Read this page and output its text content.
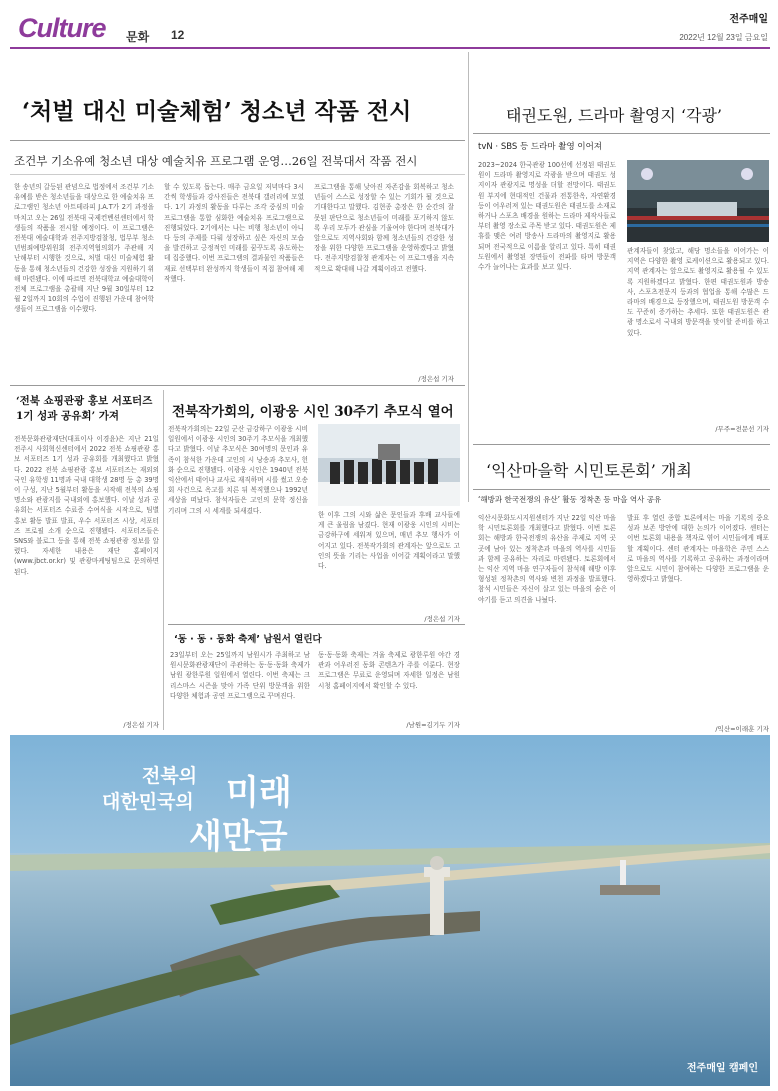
Culture 문화 12
전주매일
2022년 12월 23일 금요일
‘처벌 대신 미술체험’ 청소년 작품 전시
조건부 기소유예 청소년 대상 예술치유 프로그램 운영…26일 전북대서 작품 전시
한 송년의 갈등된 관념으로 법정에서 조건부 기소유예를 받은 청소년들을 대상으로 한 예술치유 프로그램인 청소년 아트테라피 J.A.T가 2기 과정을 마치고 오는 26일 전북대 국제컨벤션센터에서 학생들의 작품을 전시할 예정이다. 이 프로그램은 전북대 예술대학과 전주지방검찰청, 법무부 청소년범죄예방위원회 전주지역협의회가 주관해 지난해부터 시행한 것으로, 처벌 대신 미술체험 활동을 통해 청소년들의 건강한 성장을 지원하기 위해 마련됐다. 이에 따르면 전북대학교 예술대학이 전체 프로그램을 총괄해 지난 9월 30일부터 12월 2일까지 10회의 수업이 진행된 가운데 참여학생들이 프로그램을 이수했다.
할 수 있도록 돕는다. 매주 금요일 저녁마다 3시간씩 학생들과 강사진들은 전북대 갤러리에 모였다. 1기 과정의 활동을 다루는 조각 중심의 미술 프로그램을 통합 심화한 예술치유 프로그램으로 진행되었다. 2기에서는 나는 비행 청소년이 아니다 등의 주제를 다뤄 성장하고 싶은 자신의 모습을 발견하고 긍정적인 미래를 꿈꾸도록 유도하는 데 집중했다. 이번 프로그램의 결과물인 작품들은 재료 선택부터 완성까지 학생들이 직접 참여해 제작했다.
프로그램을 통해 낮아진 자존감을 회복하고 청소년들이 스스로 성장할 수 있는 기회가 될 것으로 기대한다고 말했다. 김현종 총장은 한 순간의 잘못된 판단으로 청소년들이 미래를 포기하지 않도록 우리 모두가 관심을 기울여야 한다며 전북대가 앞으로도 지역사회와 함께 청소년들의 건강한 성장을 위한 다양한 프로그램을 운영하겠다고 밝혔다. 전주지방검찰청 관계자는 이 프로그램을 지속적으로 확대해 나갈 계획이라고 전했다.
/정은섭 기자
태권도원, 드라마 촬영지 ‘각광’
tvN · SBS 등 드라마 촬영 이어져
2023~2024 한국관광 100선에 선정된 태권도원이 드라마 촬영지로 각광을 받으며 태권도 성지이자 관광지로 명성을 더할 전망이다. 태권도원 부지에 현대적인 건물과 전통한옥, 자연환경 등이 어우러져 있는 태권도원은 태권도를 소재로 하거나 스포츠 배경을 원하는 드라마 제작사들로부터 촬영 장소로 주목 받고 있다. 태권도원은 제휴를 맺은 여러 방송사 드라마의 촬영지로 활용되며 전국적으로 이름을 알리고 있다. 특히 태권도원에서 촬영된 장면들이 전파를 타며 방문객 수가 늘어나는 효과를 보고 있다.
관계자들이 찾았고, 해당 명소들을 이어가는 이 지역은 다양한 촬영 로케이션으로 활용되고 있다. 지역 관계자는 앞으로도 촬영지로 활용될 수 있도록 지원하겠다고 밝혔다. 한편 태권도원과 방송사, 스포츠전문지 등과의 협업을 통해 수많은 드라마의 배경으로 등장했으며, 태권도원 방문객 수도 꾸준히 증가하는 추세다. 또한 태권도원은 관광 명소로서 국내외 방문객을 맞이할 준비를 하고 있다.
/무주=전문선 기자
‘전북 쇼핑관광 홍보 서포터즈
1기 성과 공유회’ 가져
전북문화관광재단(대표이사 이경윤)은 지난 21일 전주시 사회혁신센터에서 2022 전북 쇼핑관광 홍보 서포터즈 1기 성과 공유회를 개최했다고 밝혔다. 2022 전북 쇼핑관광 홍보 서포터즈는 재외외국인 유학생 11명과 국내 대학생 28명 등 총 39명이 구성, 지난 5월부터 활동을 시작해 전북의 쇼핑 명소와 관광지를 국내외에 홍보했다. 이날 성과 공유회는 서포터즈 수료증 수여식을 시작으로, 팀별 홍보 활동 발표 발표, 우수 서포터즈 시상, 서포터즈 프로필 소개 순으로 진행됐다. 서포터즈들은 SNS와 블로그 등을 통해 전북 쇼핑관광 정보를 알렸다. 자세한 내용은 재단 홈페이지(www.jbct.or.kr) 및 관광마케팅팀으로 문의하면 된다.
/정은섭 기자
전북작가회의, 이광웅 시인 30주기 추모식 열어
전북작가회의는 22일 군산 금강하구 이광웅 시비 일원에서 이광웅 시인의 30주기 추모식을 개최했다고 밝혔다. 이날 추모식은 30여명의 문인과 유족이 참석한 가운데 고인의 시 낭송과 추모사, 헌화 순으로 진행됐다. 이광웅 시인은 1940년 전북 익산에서 태어나 교사로 재직하며 시를 썼고 오송회 사건으로 옥고를 치른 뒤 복직했으나 1992년 세상을 떠났다. 참석자들은 고인의 문학 정신을 기리며 그의 시 세계를 되새겼다.
한 이후 그의 시와 삶은 문인들과 후배 교사들에게 큰 울림을 남겼다. 현재 이광웅 시인의 시비는 금강하구에 세워져 있으며, 매년 추모 행사가 이어지고 있다. 전북작가회의 관계자는 앞으로도 고인의 뜻을 기리는 사업을 이어갈 계획이라고 말했다.
/정은섭 기자
‘동 · 동 · 동화 축제’ 남원서 열린다
23일부터 오는 25일까지 남원시가 주최하고 남원시문화관광재단이 주관하는 동·동·동화 축제가 남원 광한루원 일원에서 열린다. 이번 축제는 크리스마스 시즌을 맞아 가족 단위 방문객을 위한 다양한 체험과 공연 프로그램으로 꾸며진다.
동·동·동화 축제는 겨울 축제로 광한루원 야간 경관과 어우러진 동화 콘텐츠가 주를 이룬다. 현장 프로그램은 무료로 운영되며 자세한 일정은 남원시청 홈페이지에서 확인할 수 있다.
/남원=김기두 기자
‘익산마을학 시민토론회’ 개최
‘해방과 한국전쟁의 유산’ 활동 정착촌 등 마을 역사 공유
익산시문화도시지원센터가 지난 22일 익산 마을학 시민토론회를 개최했다고 밝혔다. 이번 토론회는 해방과 한국전쟁의 유산을 주제로 지역 곳곳에 남아 있는 정착촌과 마을의 역사를 시민들과 함께 공유하는 자리로 마련됐다. 토론회에서는 익산 지역 마을 연구자들이 참석해 해방 이후 형성된 정착촌의 역사와 변천 과정을 발표했다. 참석 시민들은 자신이 살고 있는 마을의 숨은 이야기를 듣고 의견을 나눴다.
발표 후 열린 종합 토론에서는 마을 기록의 중요성과 보존 방안에 대한 논의가 이어졌다. 센터는 이번 토론회 내용을 책자로 엮어 시민들에게 배포할 계획이다. 센터 관계자는 마을학은 주민 스스로 마을의 역사를 기록하고 공유하는 과정이라며 앞으로도 시민이 참여하는 다양한 프로그램을 운영하겠다고 밝혔다.
/익산=이래훈 기자
전북의
대한민국의 미래
새만금
전주매일 캠페인
